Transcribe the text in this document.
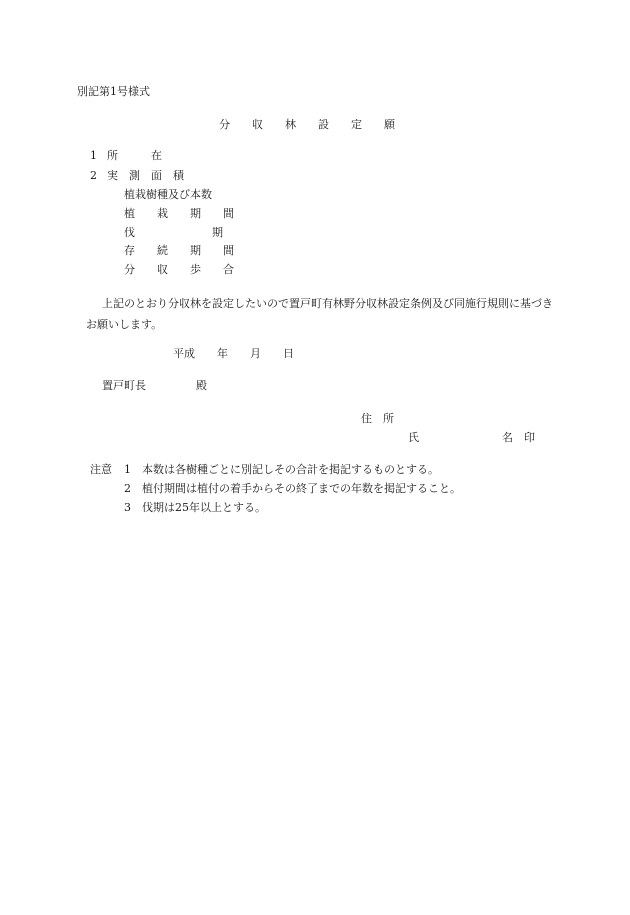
別記第1号様式
分　　収　　林　　設　　定　　願

1

所　　　在

2

実　測　面　積

植栽樹種及び本数
植　　栽　　期　　間
伐　　　　　　　期
存　　続　　期　　間
分　　収　　歩　　合
上記のとおり分収林を設定したいので置戸町有林野分収林設定条例及び同施行規則に基づきお願いします。
平成　　年　　月　　日

置戸町長

	殿

住　所
氏	名　印
注意

1

本数は各樹種ごとに別記しその合計を掲記するものとする。

2

植付期間は植付の着手からその終了までの年数を掲記すること。

3

伐期は25年以上とする。
